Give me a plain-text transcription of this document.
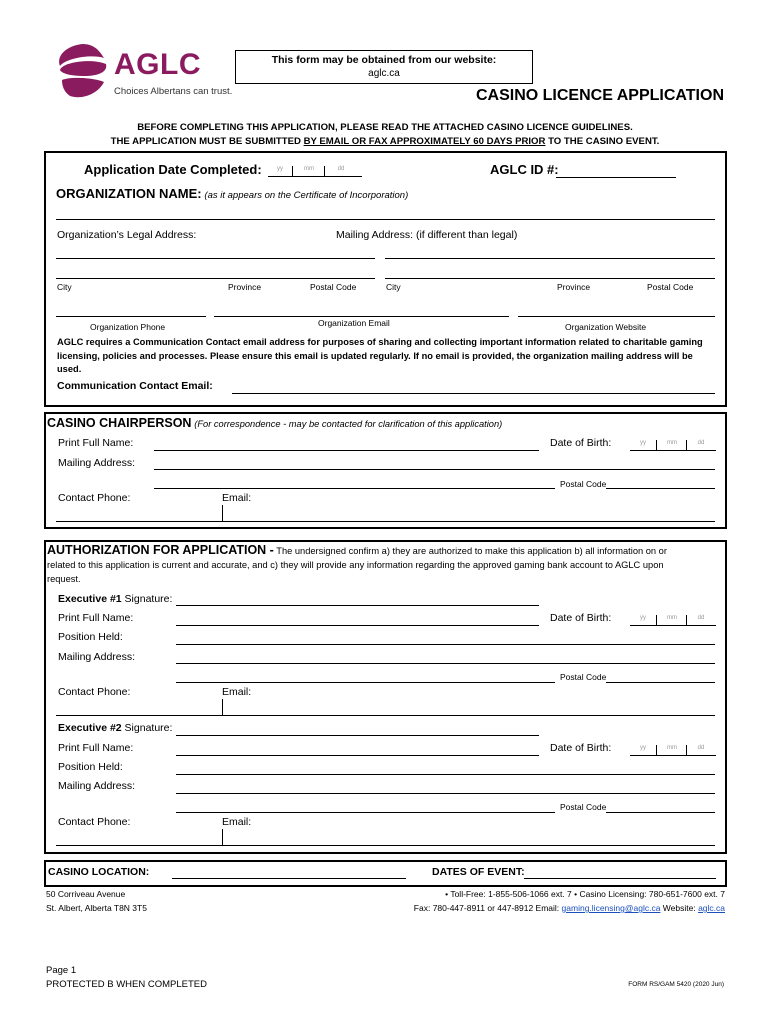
AGLC
Choices Albertans can trust.
This form may be obtained from our website:
aglc.ca
CASINO LICENCE APPLICATION
BEFORE COMPLETING THIS APPLICATION, PLEASE READ THE ATTACHED CASINO LICENCE GUIDELINES.
THE APPLICATION MUST BE SUBMITTED BY EMAIL OR FAX APPROXIMATELY 60 DAYS PRIOR TO THE CASINO EVENT.
Application Date Completed:	yy	mm	dd	AGLC ID #:
ORGANIZATION NAME: (as it appears on the Certificate of Incorporation)
Organization’s Legal Address:	Mailing Address: (if different than legal)
City	Province	Postal Code	City	Province	Postal Code
Organization Phone	Organization Email	Organization Website
AGLC requires a Communication Contact email address for purposes of sharing and collecting important information related to charitable gaming licensing, policies and processes. Please ensure this email is updated regularly. If no email is provided, the organization mailing address will be used.
Communication Contact Email:
CASINO CHAIRPERSON (For correspondence - may be contacted for clarification of this application)
Print Full Name:	Date of Birth:	yy	mm	dd
Mailing Address:
Postal Code
Contact Phone:	Email:
AUTHORIZATION FOR APPLICATION - The undersigned confirm a) they are authorized to make this application b) all information on or
related to this application is current and accurate, and c) they will provide any information regarding the approved gaming bank account to AGLC upon
request.
Executive #1 Signature:
Print Full Name:	Date of Birth:	yy	mm	dd
Position Held:
Mailing Address:
Postal Code
Contact Phone:	Email:
Executive #2 Signature:
Print Full Name:	Date of Birth:	yy	mm	dd
Position Held:
Mailing Address:
Postal Code
Contact Phone:	Email:
CASINO LOCATION:	DATES OF EVENT:
50 Corriveau Avenue
St. Albert, Alberta T8N 3T5
• Toll-Free: 1-855-506-1066 ext. 7 • Casino Licensing: 780-651-7600 ext. 7
Fax: 780-447-8911 or 447-8912 Email: gaming.licensing@aglc.ca Website: aglc.ca
Page 1
PROTECTED B WHEN COMPLETED	FORM RS/GAM 5420 (2020 Jun)
